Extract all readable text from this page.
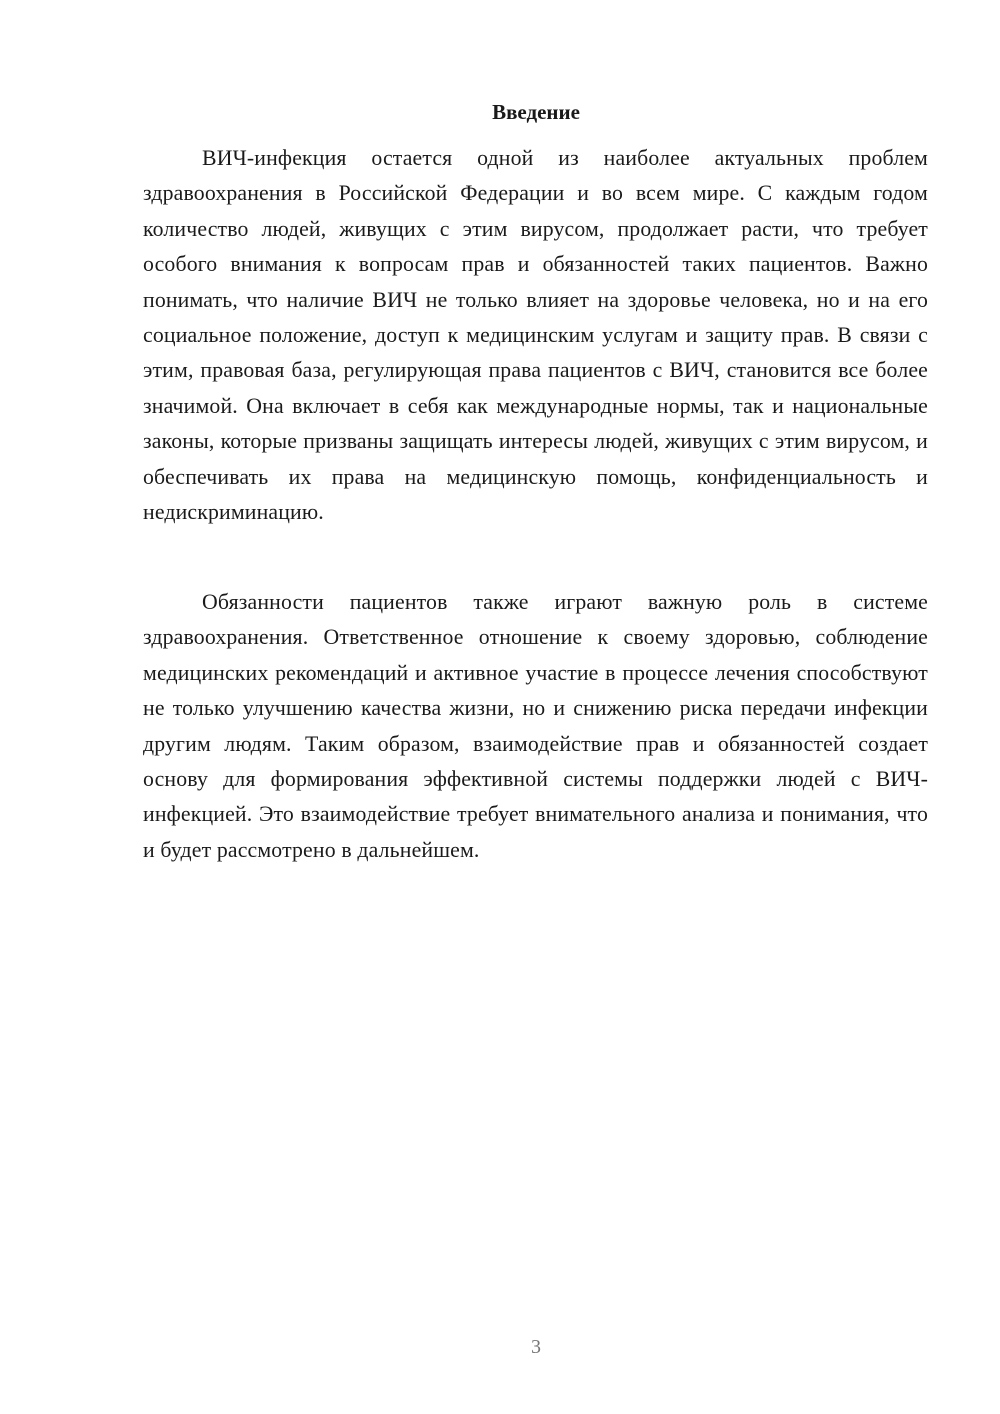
Введение

ВИЧ-инфекция остается одной из наиболее актуальных проблем здравоохранения в Российской Федерации и во всем мире. С каждым годом количество людей, живущих с этим вирусом, продолжает расти, что требует особого внимания к вопросам прав и обязанностей таких пациентов. Важно понимать, что наличие ВИЧ не только влияет на здоровье человека, но и на его социальное положение, доступ к медицинским услугам и защиту прав. В связи с этим, правовая база, регулирующая права пациентов с ВИЧ, становится все более значимой. Она включает в себя как международные нормы, так и национальные законы, которые призваны защищать интересы людей, живущих с этим вирусом, и обеспечивать их права на медицинскую помощь, конфиденциальность и недискриминацию.

Обязанности пациентов также играют важную роль в системе здравоохранения. Ответственное отношение к своему здоровью, соблюдение медицинских рекомендаций и активное участие в процессе лечения способствуют не только улучшению качества жизни, но и снижению риска передачи инфекции другим людям. Таким образом, взаимодействие прав и обязанностей создает основу для формирования эффективной системы поддержки людей с ВИЧ-инфекцией. Это взаимодействие требует внимательного анализа и понимания, что и будет рассмотрено в дальнейшем.

3
